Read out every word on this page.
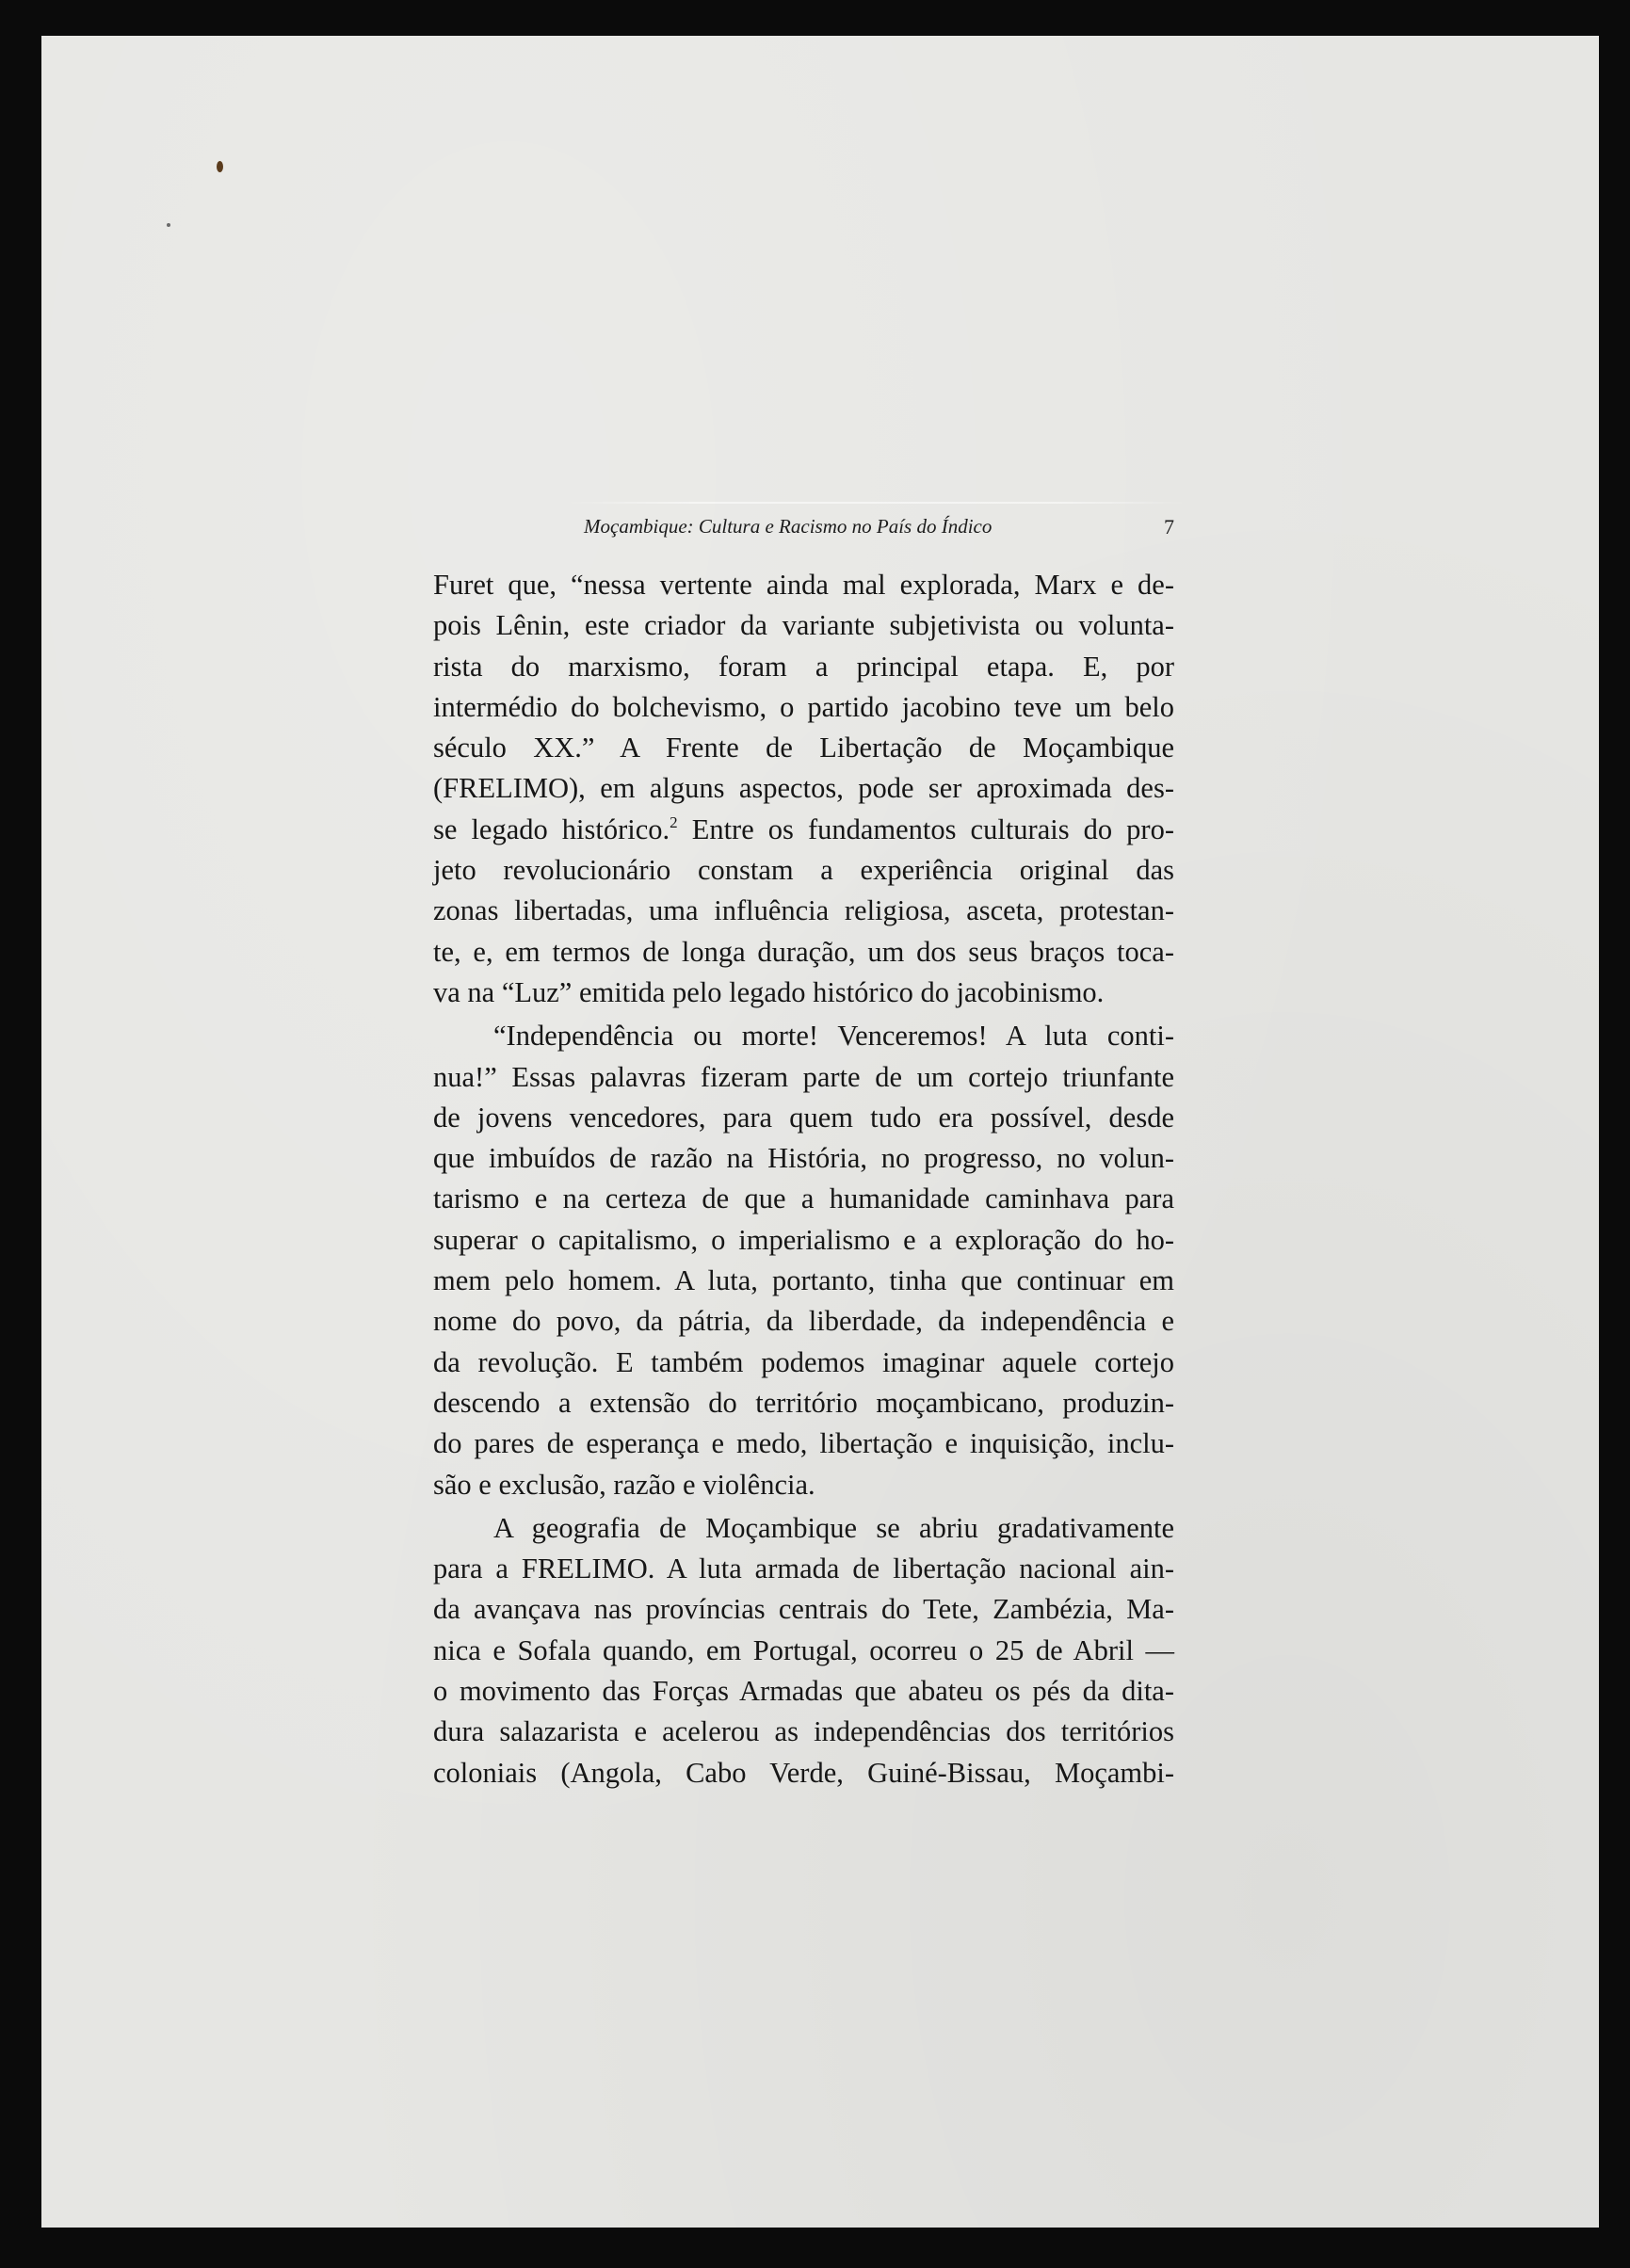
Moçambique: Cultura e Racismo no País do Índico	7
Furet que, “nessa vertente ainda mal explorada, Marx e de-
pois Lênin, este criador da variante subjetivista ou volunta-
rista do marxismo, foram a principal etapa. E, por
intermédio do bolchevismo, o partido jacobino teve um belo
século XX.” A Frente de Libertação de Moçambique
(FRELIMO), em alguns aspectos, pode ser aproximada des-
se legado histórico.$^2$ Entre os fundamentos culturais do pro-
jeto revolucionário constam a experiência original das
zonas libertadas, uma influência religiosa, asceta, protestan-
te, e, em termos de longa duração, um dos seus braços toca-
va na “Luz” emitida pelo legado histórico do jacobinismo.
“Independência ou morte! Venceremos! A luta conti-
nua!” Essas palavras fizeram parte de um cortejo triunfante
de jovens vencedores, para quem tudo era possível, desde
que imbuídos de razão na História, no progresso, no volun-
tarismo e na certeza de que a humanidade caminhava para
superar o capitalismo, o imperialismo e a exploração do ho-
mem pelo homem. A luta, portanto, tinha que continuar em
nome do povo, da pátria, da liberdade, da independência e
da revolução. E também podemos imaginar aquele cortejo
descendo a extensão do território moçambicano, produzin-
do pares de esperança e medo, libertação e inquisição, inclu-
são e exclusão, razão e violência.
A geografia de Moçambique se abriu gradativamente
para a FRELIMO. A luta armada de libertação nacional ain-
da avançava nas províncias centrais do Tete, Zambézia, Ma-
nica e Sofala quando, em Portugal, ocorreu o 25 de Abril —
o movimento das Forças Armadas que abateu os pés da dita-
dura salazarista e acelerou as independências dos territórios
coloniais (Angola, Cabo Verde, Guiné-Bissau, Moçambi-
